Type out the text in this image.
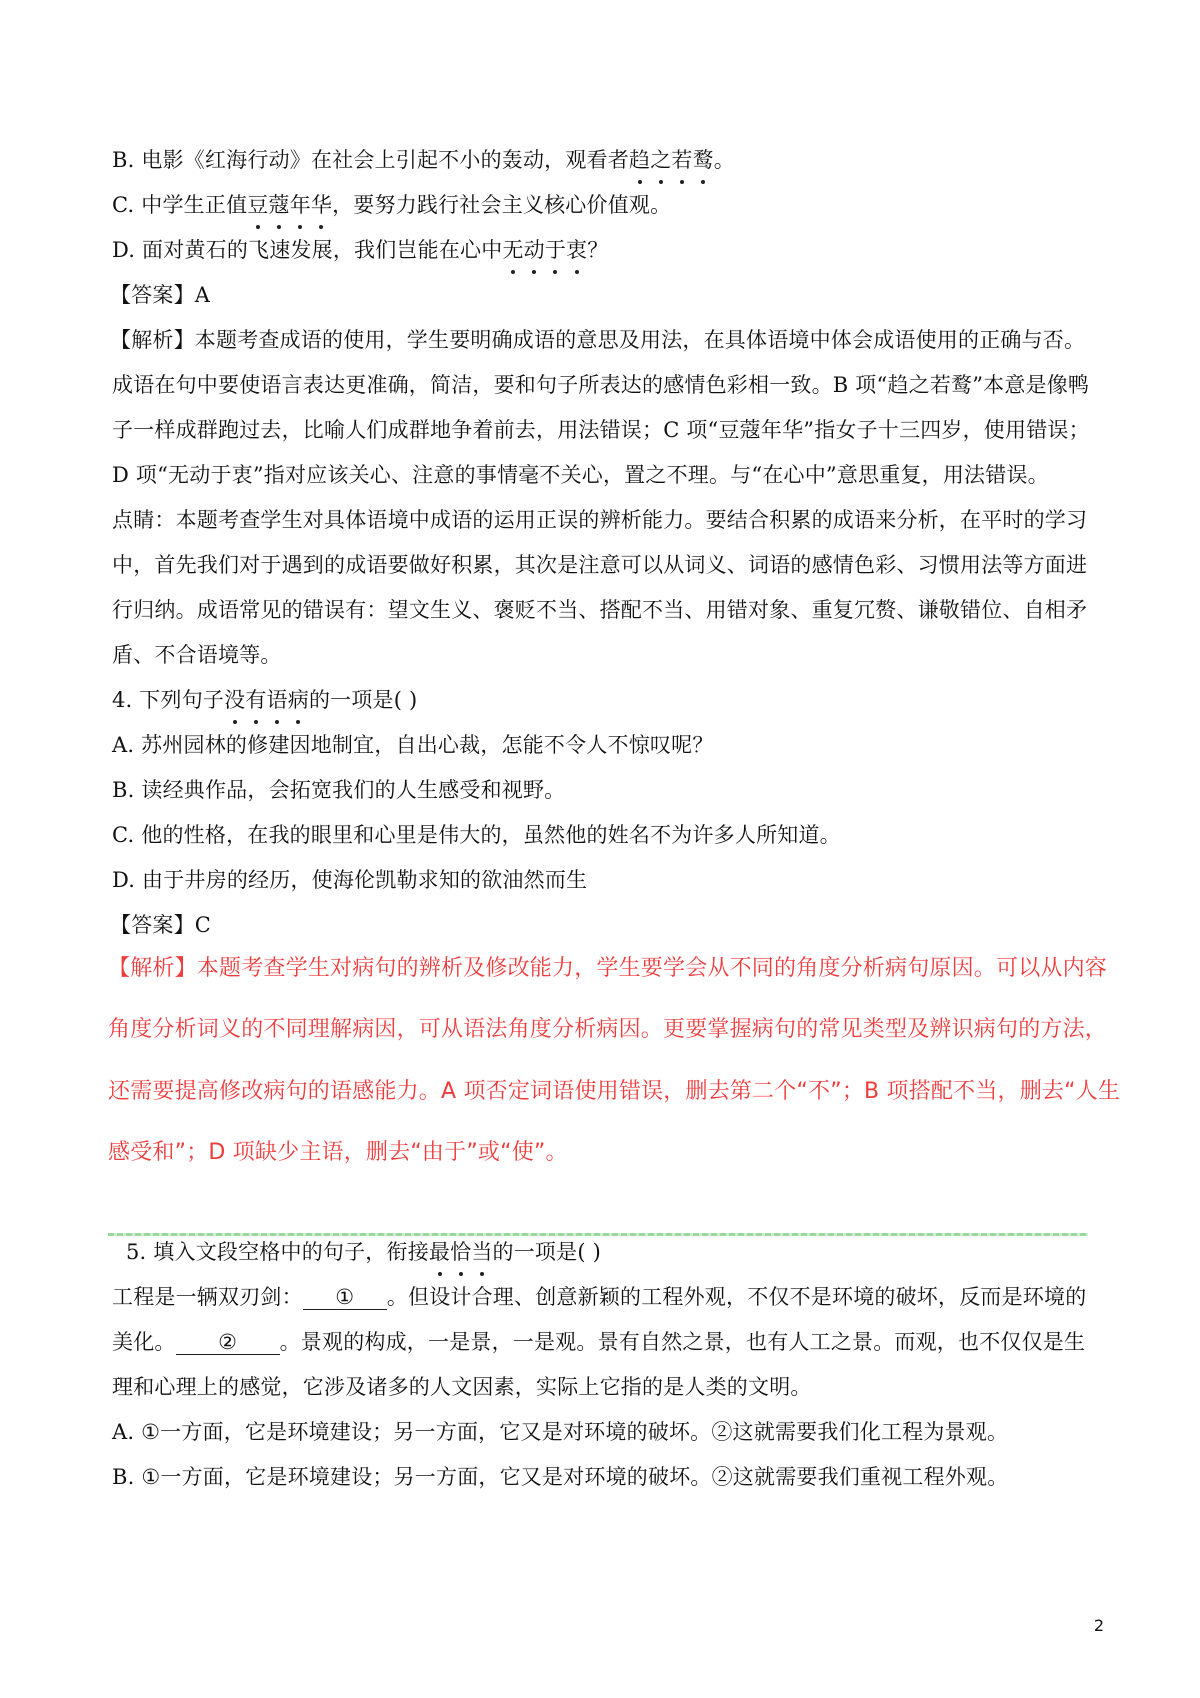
B. 电影《红海行动》在社会上引起不小的轰动，观看者趋之若鹜。
C. 中学生正值豆蔻年华，要努力践行社会主义核心价值观。
D. 面对黄石的飞速发展，我们岂能在心中无动于衷？
【答案】A
【解析】本题考查成语的使用，学生要明确成语的意思及用法，在具体语境中体会成语使用的正确与否。
成语在句中要使语言表达更准确，简洁，要和句子所表达的感情色彩相一致。B 项“趋之若鹜”本意是像鸭
子一样成群跑过去，比喻人们成群地争着前去，用法错误；C 项“豆蔻年华”指女子十三四岁，使用错误；
D 项“无动于衷”指对应该关心、注意的事情毫不关心，置之不理。与“在心中”意思重复，用法错误。
点睛：本题考查学生对具体语境中成语的运用正误的辨析能力。要结合积累的成语来分析，在平时的学习
中，首先我们对于遇到的成语要做好积累，其次是注意可以从词义、词语的感情色彩、习惯用法等方面进
行归纳。成语常见的错误有：望文生义、褒贬不当、搭配不当、用错对象、重复冗赘、谦敬错位、自相矛
盾、不合语境等。
4. 下列句子没有语病的一项是( )
A. 苏州园林的修建因地制宜，自出心裁，怎能不令人不惊叹呢？
B. 读经典作品，会拓宽我们的人生感受和视野。
C. 他的性格，在我的眼里和心里是伟大的，虽然他的姓名不为许多人所知道。
D. 由于井房的经历，使海伦凯勒求知的欲油然而生
【答案】C
【解析】本题考查学生对病句的辨析及修改能力，学生要学会从不同的角度分析病句原因。可以从内容
角度分析词义的不同理解病因，可从语法角度分析病因。更要掌握病句的常见类型及辨识病句的方法，
还需要提高修改病句的语感能力。A 项否定词语使用错误，删去第二个“不”；B 项搭配不当，删去“人生
感受和”；D 项缺少主语，删去“由于”或“使”。
5. 填入文段空格中的句子，衔接最恰当的一项是( )
工程是一辆双刃剑： ① 。但设计合理、创意新颖的工程外观，不仅不是环境的破坏，反而是环境的
美化。 ② 。景观的构成，一是景，一是观。景有自然之景，也有人工之景。而观，也不仅仅是生
理和心理上的感觉，它涉及诸多的人文因素，实际上它指的是人类的文明。
A. ①一方面，它是环境建设；另一方面，它又是对环境的破坏。②这就需要我们化工程为景观。
B. ①一方面，它是环境建设；另一方面，它又是对环境的破坏。②这就需要我们重视工程外观。
2
